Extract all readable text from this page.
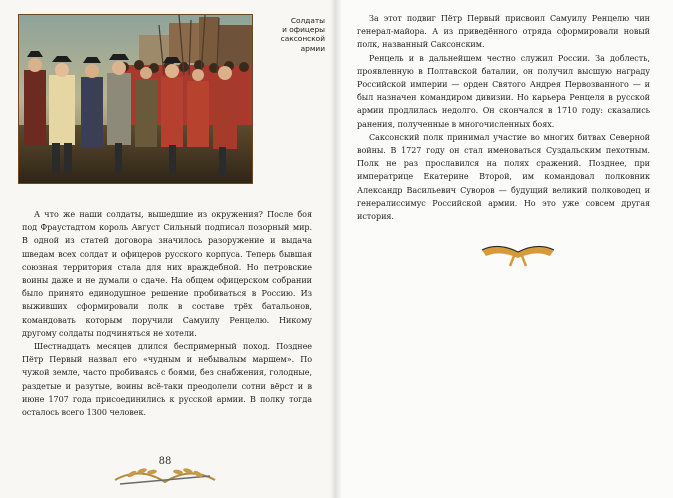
Солдаты
и офицеры
саксонской
армии

А что же наши солдаты, вышедшие из окружения? После боя под Фраустадтом король Август Сильный подписал позорный мир. В одной из статей договора значилось разоружение и выдача шведам всех солдат и офицеров русского корпуса. Теперь бывшая союзная территория стала для них враждебной. Но петровские воины даже и не думали о сдаче. На общем офицерском собрании было принято единодушное решение пробиваться в Россию. Из выживших сформировали полк в составе трёх батальонов, командовать которым поручили Самуилу Ренцелю. Никому другому солдаты подчиняться не хотели.

Шестнадцать месяцев длился беспримерный поход. Позднее Пётр Первый назвал его «чудным и небывалым маршем». По чужой земле, часто пробиваясь с боями, без снабжения, голодные, раздетые и разутые, воины всё-таки преодолели сотни вёрст и в июне 1707 года присоединились к русской армии. В полку тогда осталось всего 1300 человек.

88

За этот подвиг Пётр Первый присвоил Самуилу Ренцелю чин генерал-майора. А из приведённого отряда сформировали новый полк, названный Саксонским.

Ренцель и в дальнейшем честно служил России. За доблесть, проявленную в Полтавской баталии, он получил высшую награду Российской империи — орден Святого Андрея Первозванного — и был назначен командиром дивизии. Но карьера Ренцеля в русской армии продлилась недолго. Он скончался в 1710 году: сказались ранения, полученные в многочисленных боях.

Саксонский полк принимал участие во многих битвах Северной войны. В 1727 году он стал именоваться Суздальским пехотным. Полк не раз прославился на полях сражений. Позднее, при императрице Екатерине Второй, им командовал полковник Александр Васильевич Суворов — будущий великий полководец и генералиссимус Российской армии. Но это уже совсем другая история.
